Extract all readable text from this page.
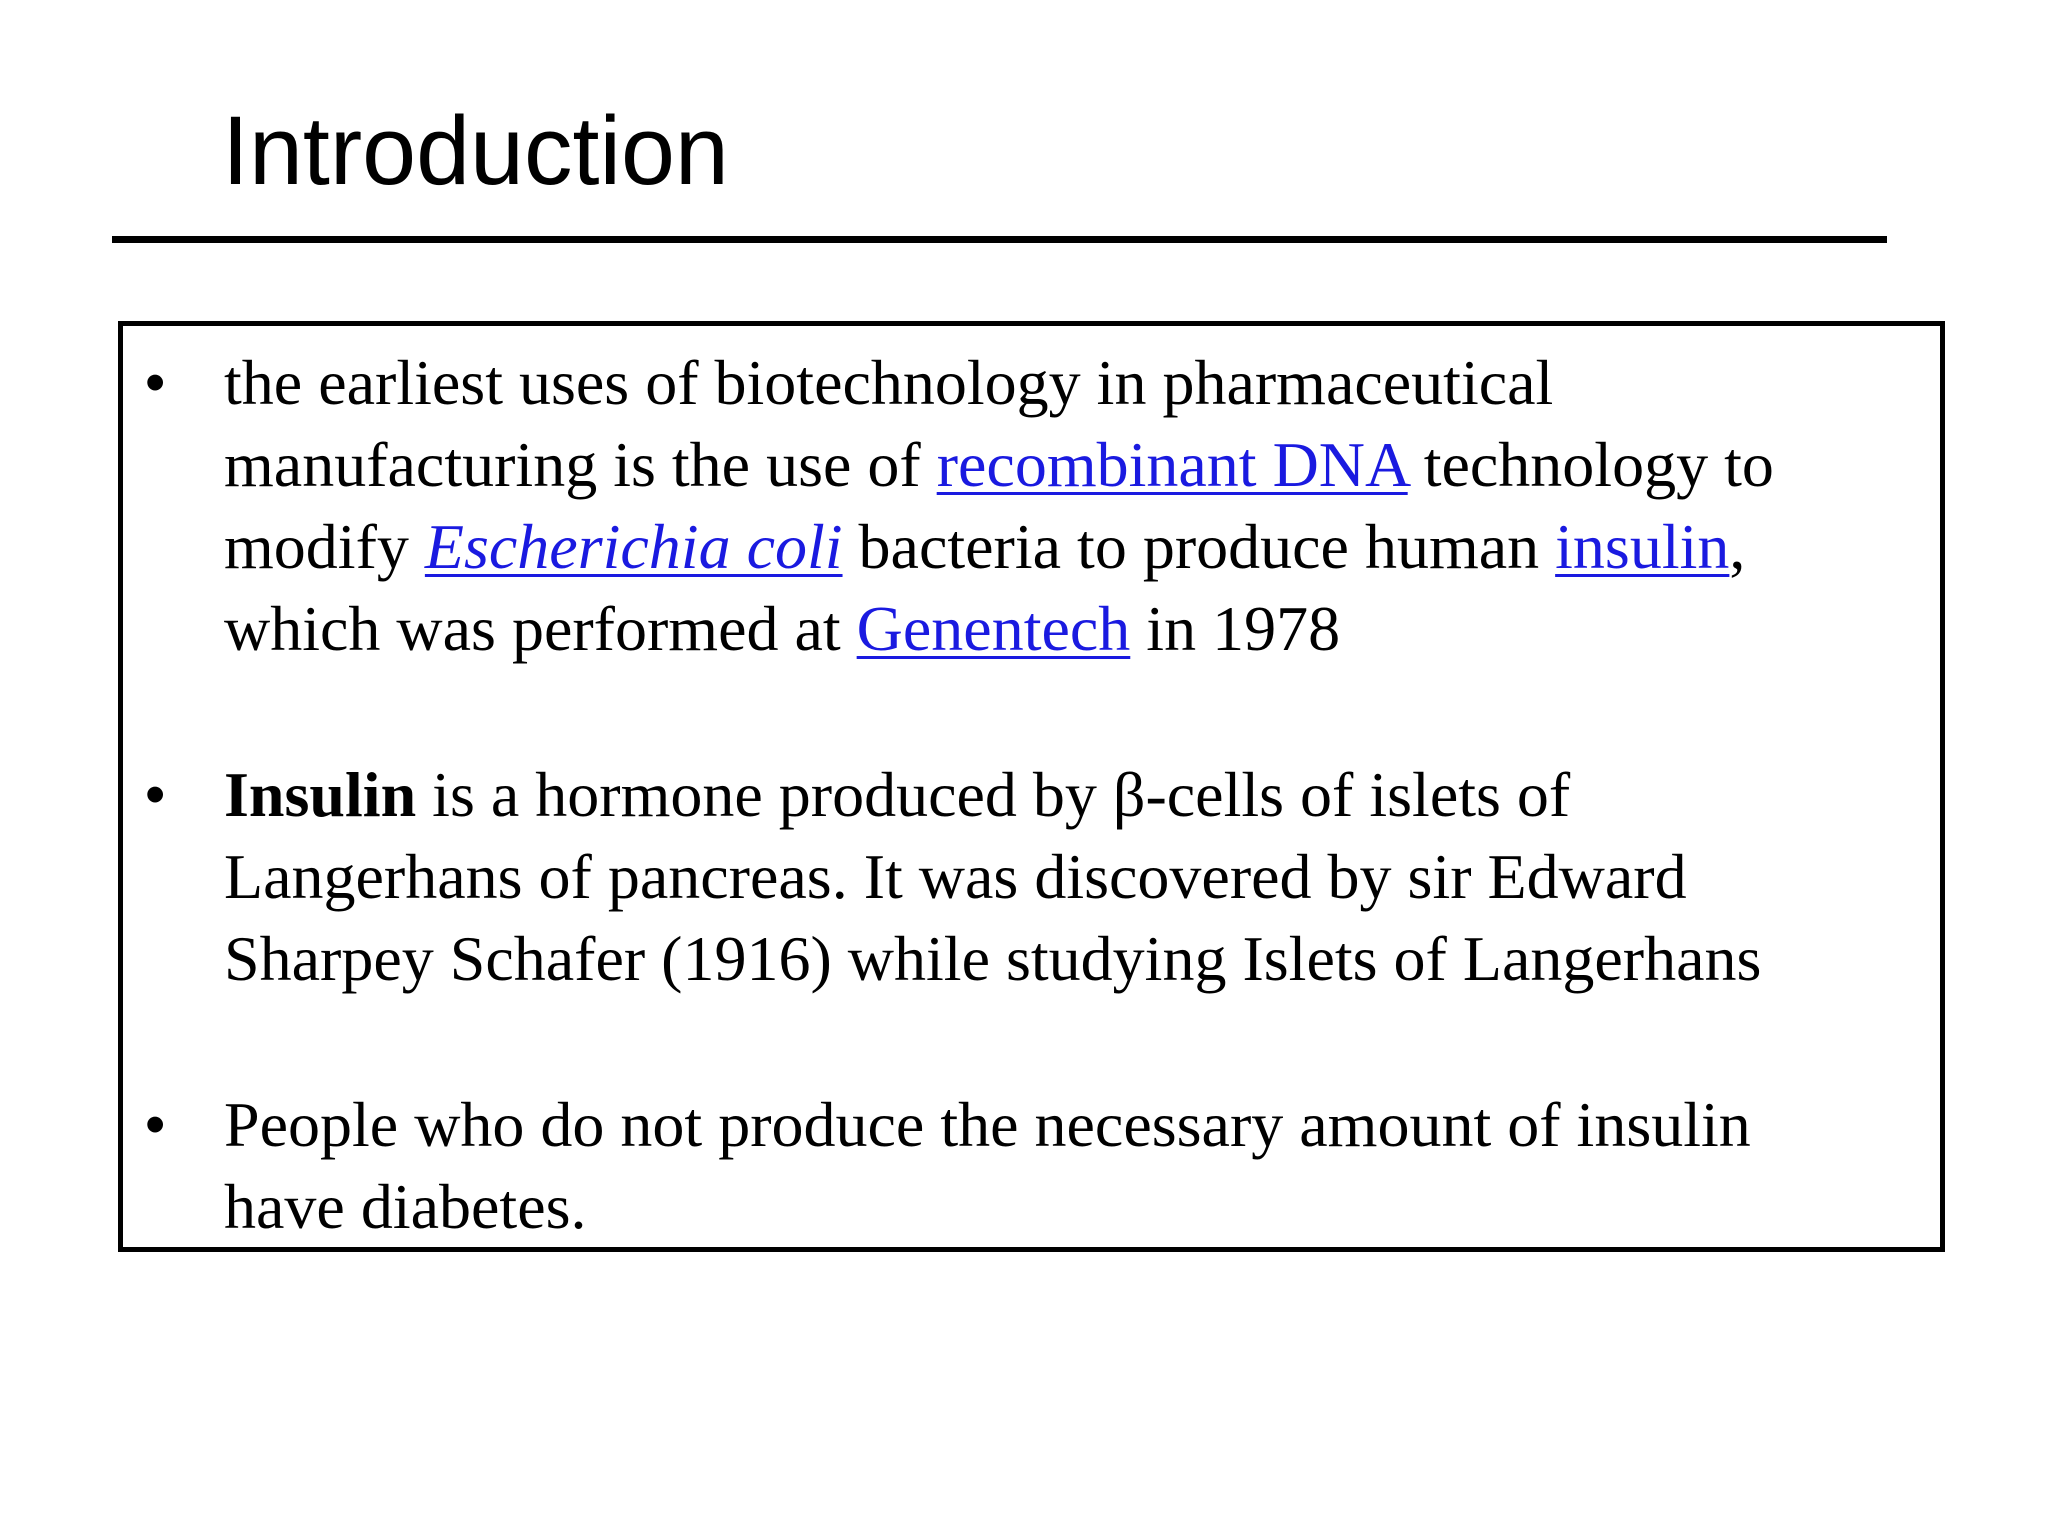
Introduction
• the earliest uses of biotechnology in pharmaceutical
manufacturing is the use of recombinant DNA technology to
modify Escherichia coli bacteria to produce human insulin,
which was performed at Genentech in 1978
• Insulin is a hormone produced by β-cells of islets of
Langerhans of pancreas. It was discovered by sir Edward
Sharpey Schafer (1916) while studying Islets of Langerhans
• People who do not produce the necessary amount of insulin
have diabetes.
